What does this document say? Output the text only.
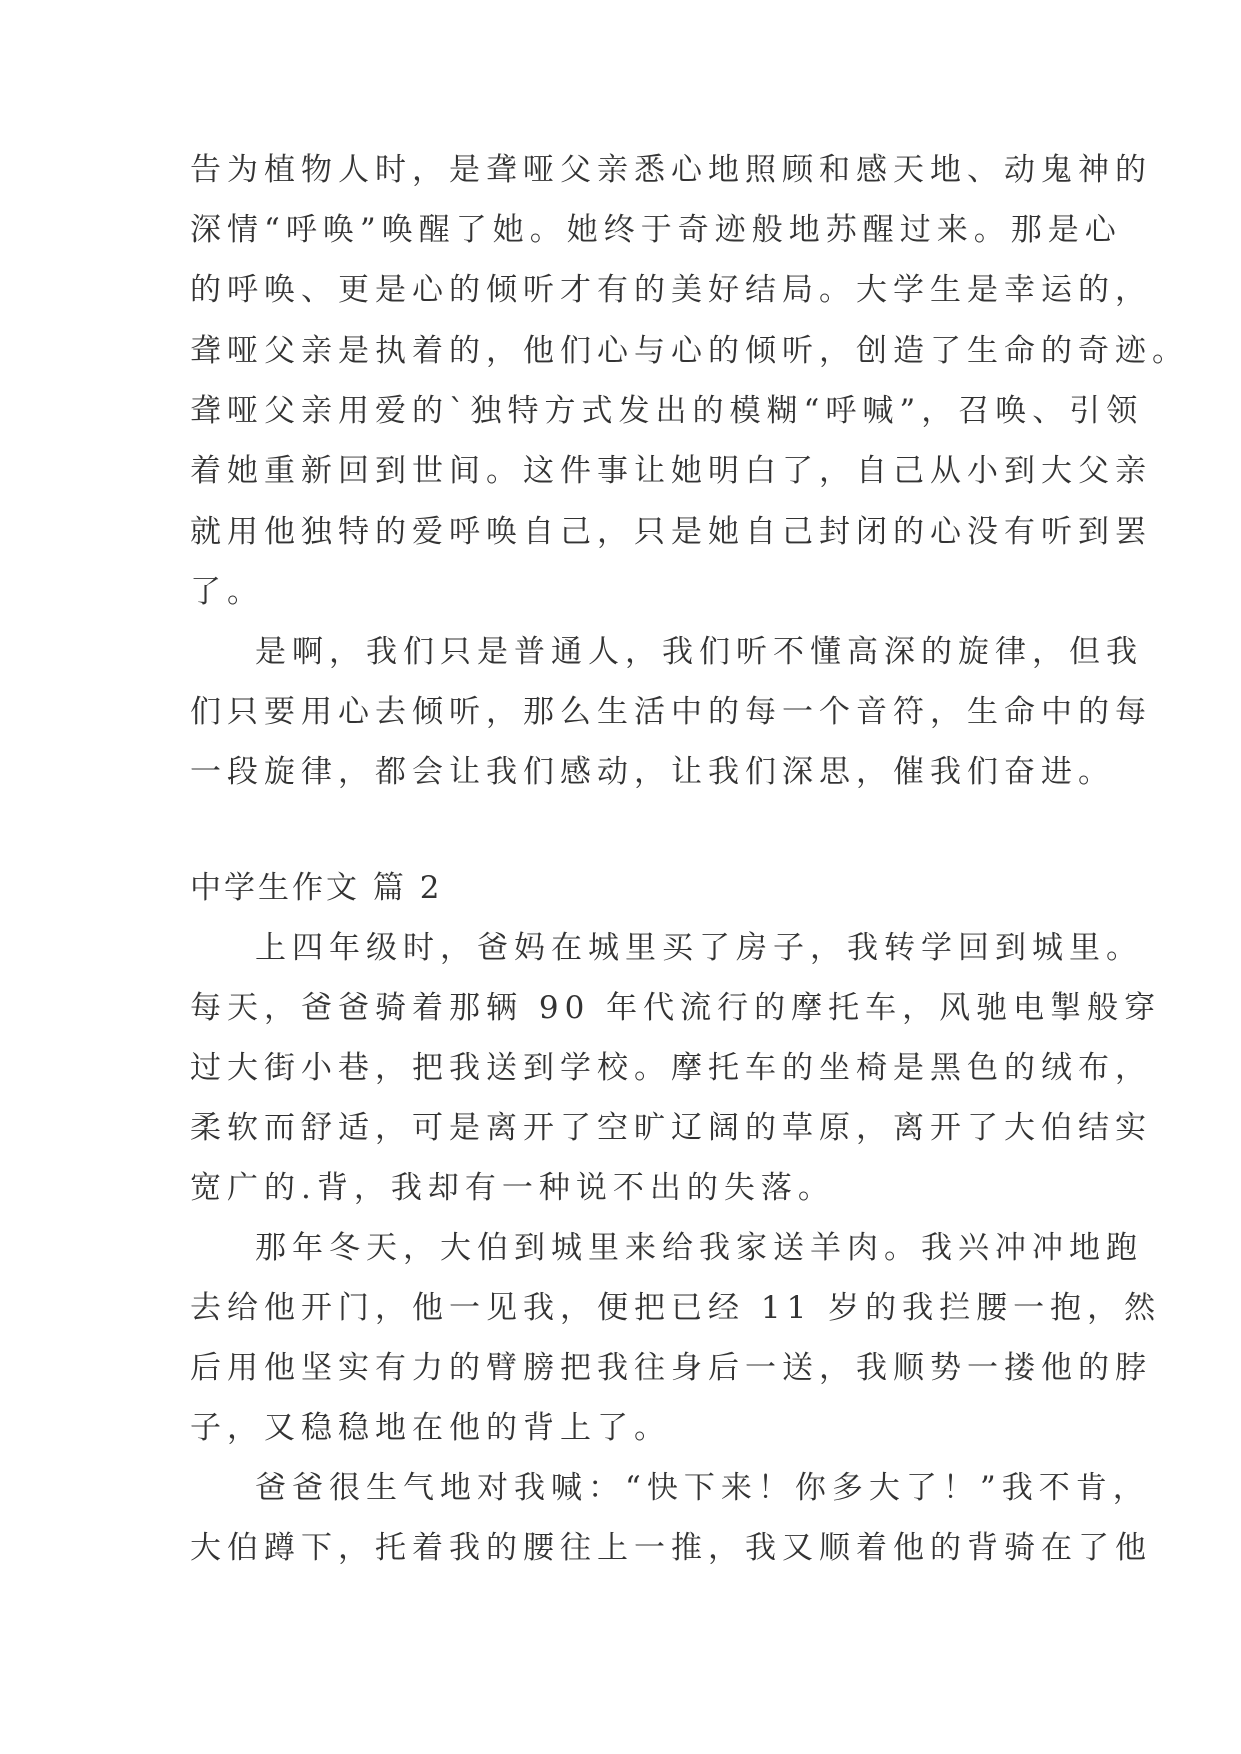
告为植物人时，是聋哑父亲悉心地照顾和感天地、动鬼神的
深情“呼唤”唤醒了她。她终于奇迹般地苏醒过来。那是心
的呼唤、更是心的倾听才有的美好结局。大学生是幸运的，
聋哑父亲是执着的，他们心与心的倾听，创造了生命的奇迹。
聋哑父亲用爱的`独特方式发出的模糊“呼喊”，召唤、引领
着她重新回到世间。这件事让她明白了，自己从小到大父亲
就用他独特的爱呼唤自己，只是她自己封闭的心没有听到罢
了。
是啊，我们只是普通人，我们听不懂高深的旋律，但我
们只要用心去倾听，那么生活中的每一个音符，生命中的每
一段旋律，都会让我们感动，让我们深思，催我们奋进。
中学生作文 篇 2
上四年级时，爸妈在城里买了房子，我转学回到城里。
每天，爸爸骑着那辆 90 年代流行的摩托车，风驰电掣般穿
过大街小巷，把我送到学校。摩托车的坐椅是黑色的绒布，
柔软而舒适，可是离开了空旷辽阔的草原，离开了大伯结实
宽广的.背，我却有一种说不出的失落。
那年冬天，大伯到城里来给我家送羊肉。我兴冲冲地跑
去给他开门，他一见我，便把已经 11 岁的我拦腰一抱，然
后用他坚实有力的臂膀把我往身后一送，我顺势一搂他的脖
子，又稳稳地在他的背上了。
爸爸很生气地对我喊：“快下来！你多大了！”我不肯，
大伯蹲下，托着我的腰往上一推，我又顺着他的背骑在了他
